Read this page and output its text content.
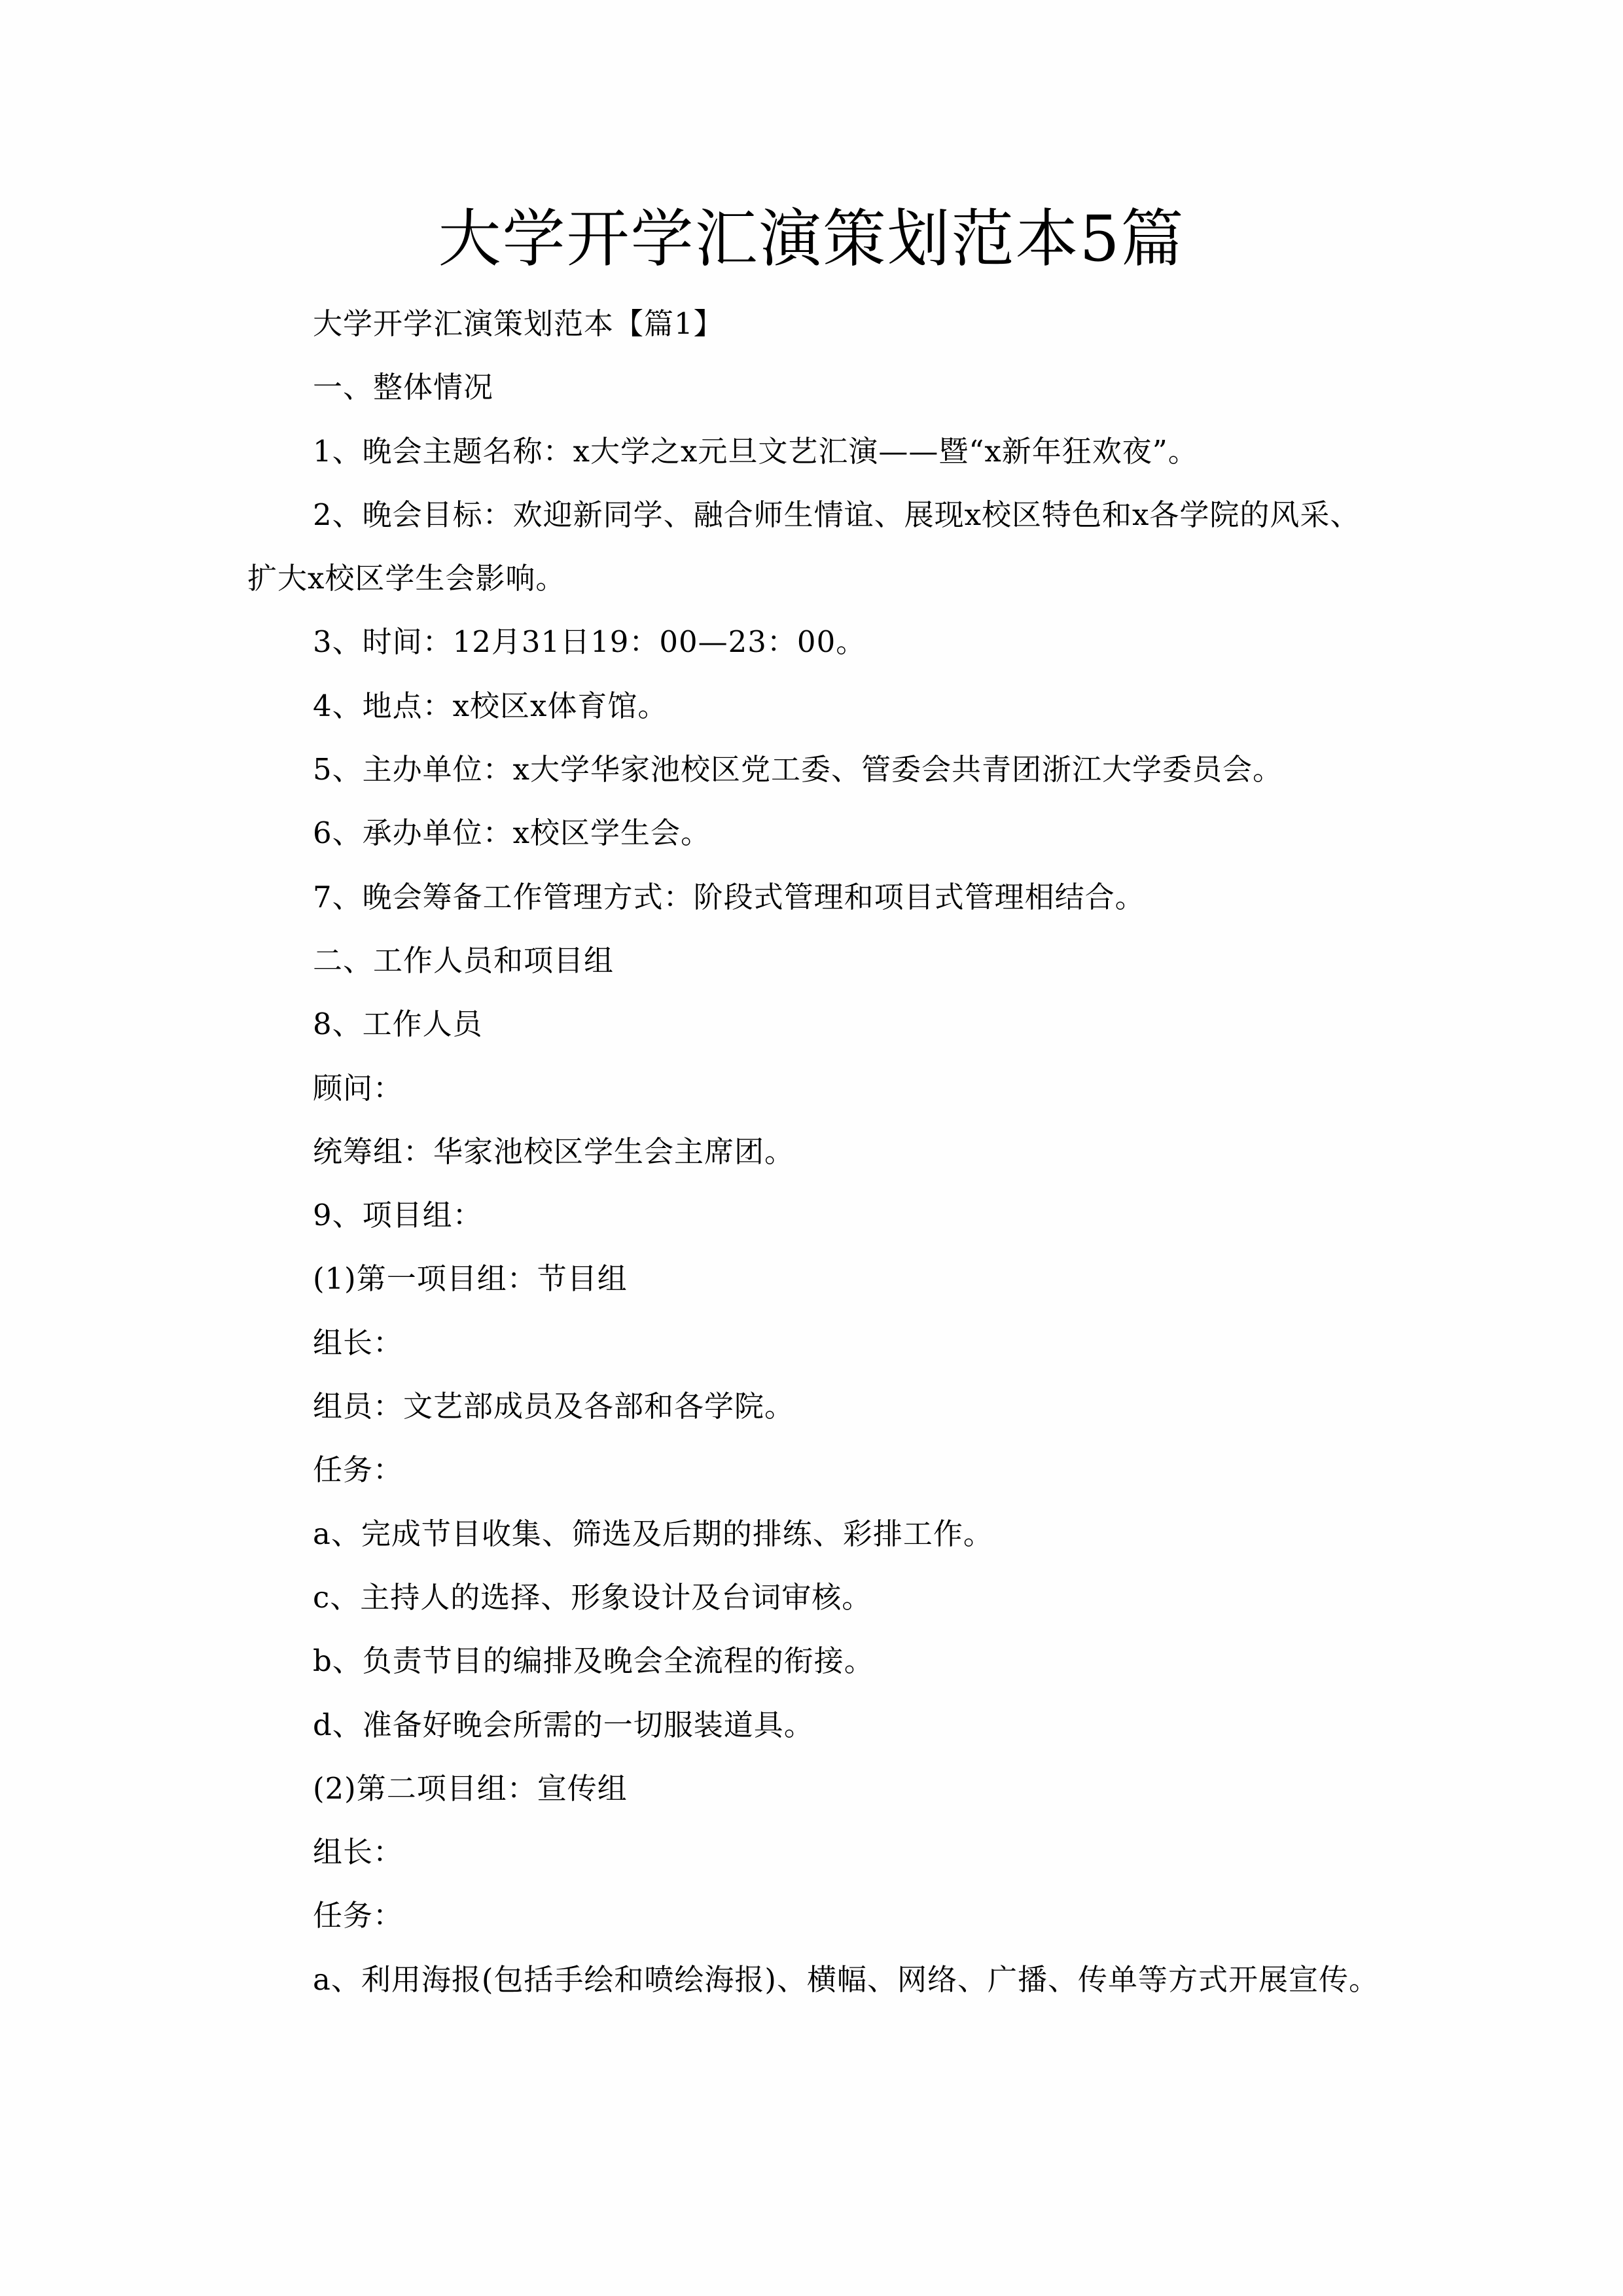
大学开学汇演策划范本5篇

大学开学汇演策划范本【篇1】

一、整体情况

1、晚会主题名称：x大学之x元旦文艺汇演——暨“x新年狂欢夜”。

2、晚会目标：欢迎新同学、融合师生情谊、展现x校区特色和x各学院的风采、扩大x校区学生会影响。

3、时间：12月31日19：00—23：00。

4、地点：x校区x体育馆。

5、主办单位：x大学华家池校区党工委、管委会共青团浙江大学委员会。

6、承办单位：x校区学生会。

7、晚会筹备工作管理方式：阶段式管理和项目式管理相结合。

二、工作人员和项目组

8、工作人员

顾问：

统筹组：华家池校区学生会主席团。

9、项目组：

(1)第一项目组：节目组

组长：

组员：文艺部成员及各部和各学院。

任务：

a、完成节目收集、筛选及后期的排练、彩排工作。

c、主持人的选择、形象设计及台词审核。

b、负责节目的编排及晚会全流程的衔接。

d、准备好晚会所需的一切服装道具。

(2)第二项目组：宣传组

组长：

任务：

a、利用海报(包括手绘和喷绘海报)、横幅、网络、广播、传单等方式开展宣传。
